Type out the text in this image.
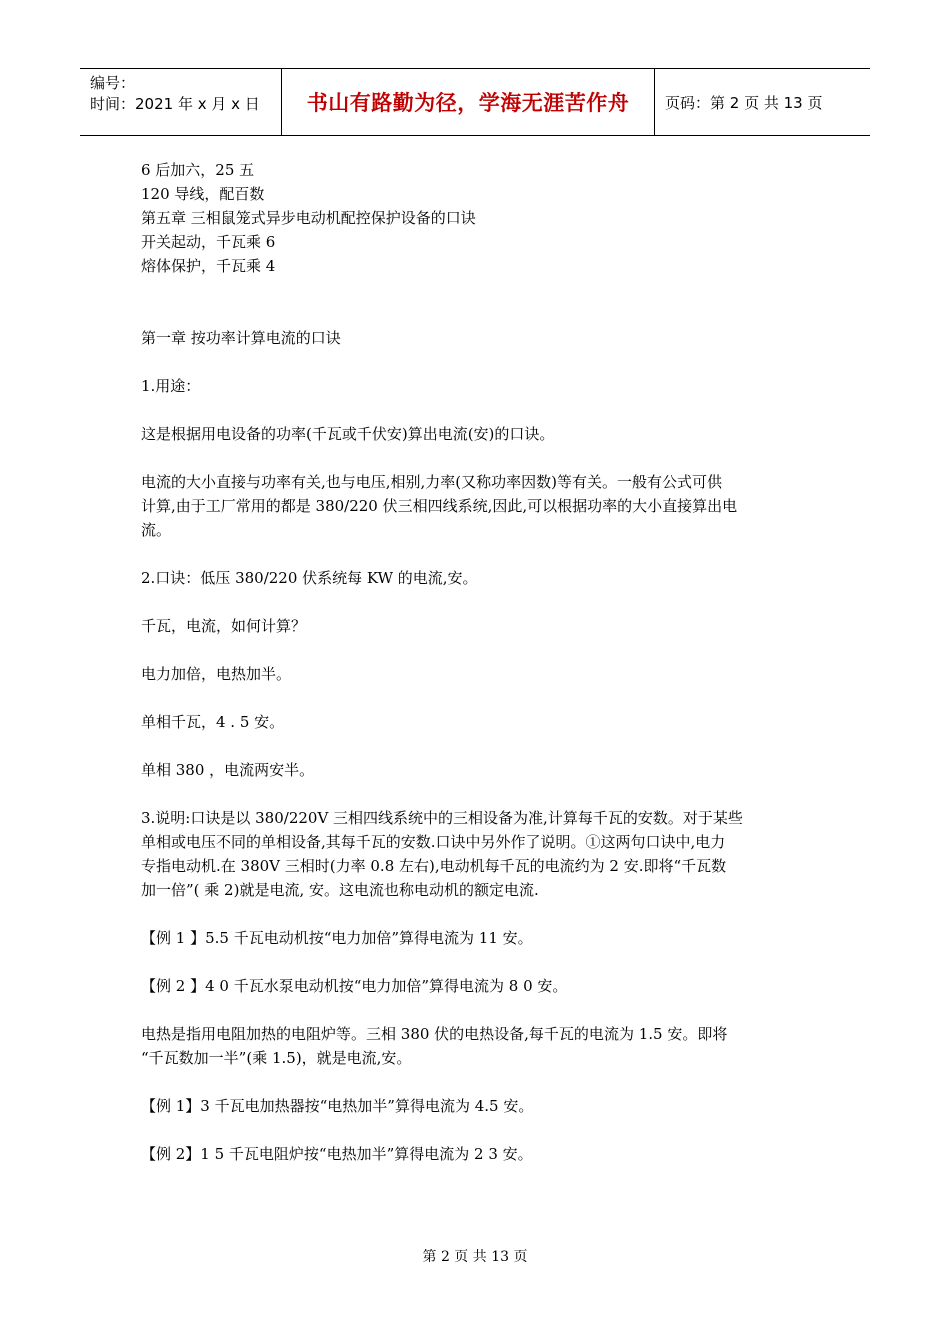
编号：
时间：2021 年 x 月 x 日	书山有路勤为径，学海无涯苦作舟	页码：第 2 页 共 13 页
6 后加六，25 五
120 导线，配百数
第五章 三相鼠笼式异步电动机配控保护设备的口诀
开关起动，千瓦乘 6
熔体保护，千瓦乘 4
第一章 按功率计算电流的口诀
1.用途：
这是根据用电设备的功率(千瓦或千伏安)算出电流(安)的口诀。
电流的大小直接与功率有关,也与电压,相别,力率(又称功率因数)等有关。一般有公式可供
计算,由于工厂常用的都是 380/220 伏三相四线系统,因此,可以根据功率的大小直接算出电
流。
2.口诀：低压 380/220 伏系统每 KW 的电流,安。
千瓦，电流，如何计算？
电力加倍，电热加半。
单相千瓦，4 . 5 安。
单相 380 ，电流两安半。
3.说明:口诀是以 380/220V 三相四线系统中的三相设备为准,计算每千瓦的安数。对于某些
单相或电压不同的单相设备,其每千瓦的安数.口诀中另外作了说明。①这两句口诀中,电力
专指电动机.在 380V 三相时(力率 0.8 左右),电动机每千瓦的电流约为 2 安.即将“千瓦数
加一倍”( 乘 2)就是电流, 安。这电流也称电动机的额定电流.
【例 1 】5.5 千瓦电动机按“电力加倍”算得电流为 11 安。
【例 2 】4 0 千瓦水泵电动机按“电力加倍”算得电流为 8 0 安。
电热是指用电阻加热的电阻炉等。三相 380 伏的电热设备,每千瓦的电流为 1.5 安。即将
“千瓦数加一半”(乘 1.5)，就是电流,安。
【例 1】3 千瓦电加热器按“电热加半”算得电流为 4.5 安。
【例 2】1 5 千瓦电阻炉按“电热加半”算得电流为 2 3 安。
第 2 页 共 13 页
